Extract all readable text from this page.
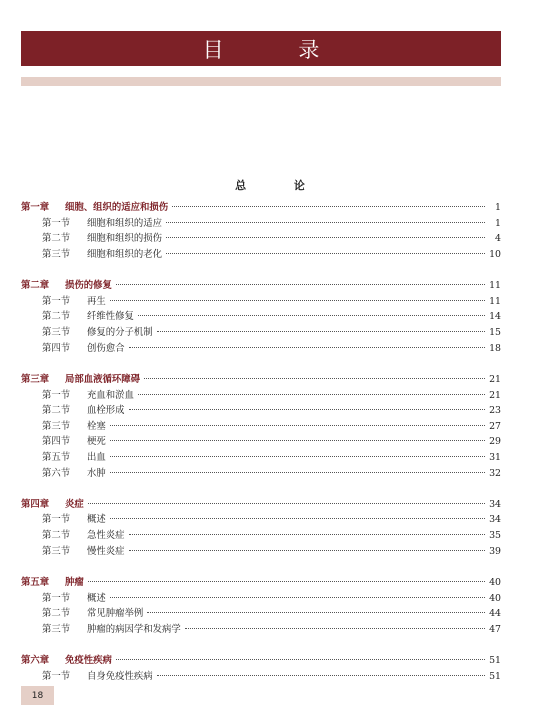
目 录
总 论
第一章	细胞、组织的适应和损伤	1
第一节	细胞和组织的适应	1
第二节	细胞和组织的损伤	4
第三节	细胞和组织的老化	10
第二章	损伤的修复	11
第一节	再生	11
第二节	纤维性修复	14
第三节	修复的分子机制	15
第四节	创伤愈合	18
第三章	局部血液循环障碍	21
第一节	充血和淤血	21
第二节	血栓形成	23
第三节	栓塞	27
第四节	梗死	29
第五节	出血	31
第六节	水肿	32
第四章	炎症	34
第一节	概述	34
第二节	急性炎症	35
第三节	慢性炎症	39
第五章	肿瘤	40
第一节	概述	40
第二节	常见肿瘤举例	44
第三节	肿瘤的病因学和发病学	47
第六章	免疫性疾病	51
第一节	自身免疫性疾病	51
18
